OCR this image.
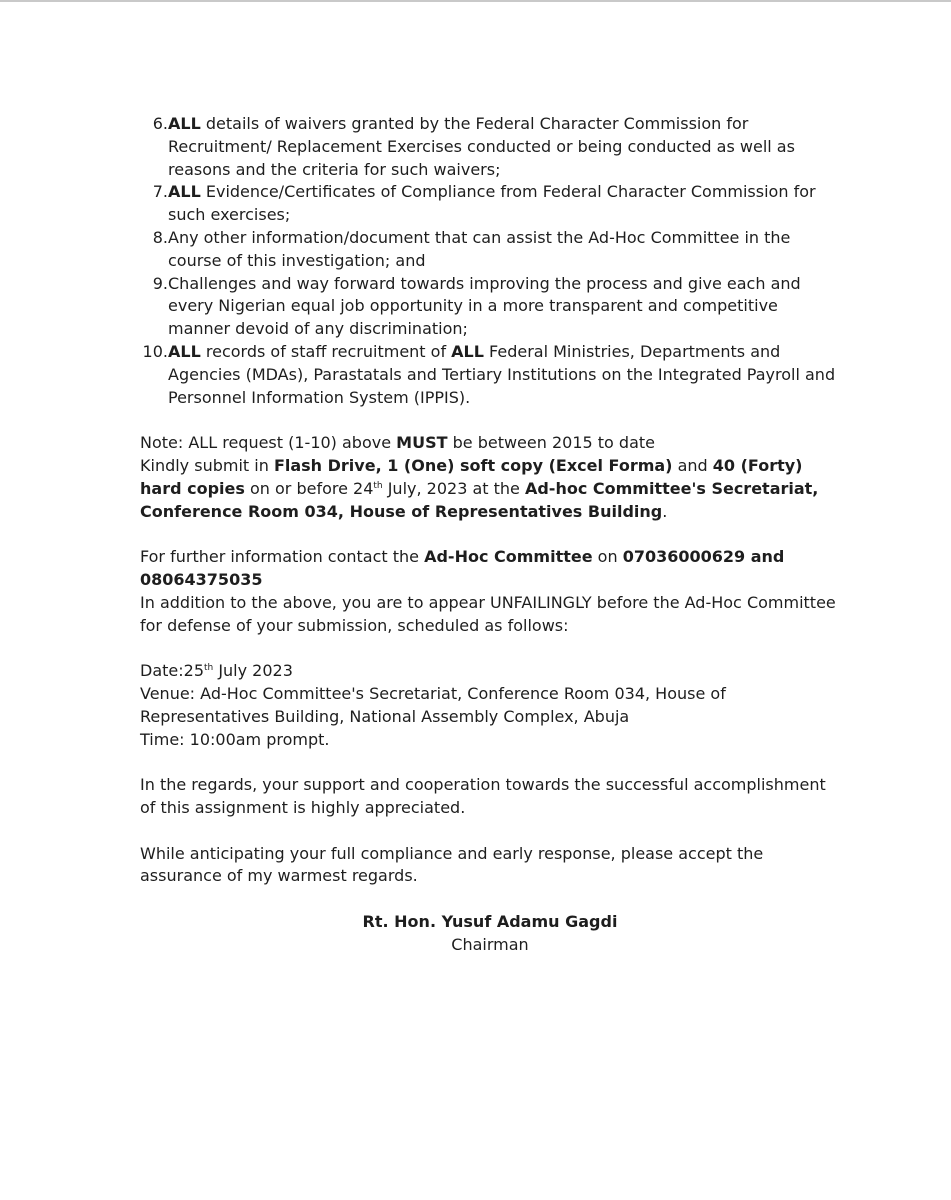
6. ALL details of waivers granted by the Federal Character Commission for Recruitment/ Replacement Exercises conducted or being conducted as well as reasons and the criteria for such waivers;
7. ALL Evidence/Certificates of Compliance from Federal Character Commission for such exercises;
8. Any other information/document that can assist the Ad-Hoc Committee in the course of this investigation; and
9. Challenges and way forward towards improving the process and give each and every Nigerian equal job opportunity in a more transparent and competitive manner devoid of any discrimination;
10. ALL records of staff recruitment of ALL Federal Ministries, Departments and Agencies (MDAs), Parastatals and Tertiary Institutions on the Integrated Payroll and Personnel Information System (IPPIS).

Note: ALL request (1-10) above MUST be between 2015 to date
Kindly submit in Flash Drive, 1 (One) soft copy (Excel Forma) and 40 (Forty) hard copies on or before 24th July, 2023 at the Ad-hoc Committee's Secretariat, Conference Room 034, House of Representatives Building.

For further information contact the Ad-Hoc Committee on 07036000629 and 08064375035
In addition to the above, you are to appear UNFAILINGLY before the Ad-Hoc Committee for defense of your submission, scheduled as follows:

Date:25th July 2023
Venue: Ad-Hoc Committee's Secretariat, Conference Room 034, House of Representatives Building, National Assembly Complex, Abuja
Time: 10:00am prompt.

In the regards, your support and cooperation towards the successful accomplishment of this assignment is highly appreciated.

While anticipating your full compliance and early response, please accept the assurance of my warmest regards.

Rt. Hon. Yusuf Adamu Gagdi
Chairman
